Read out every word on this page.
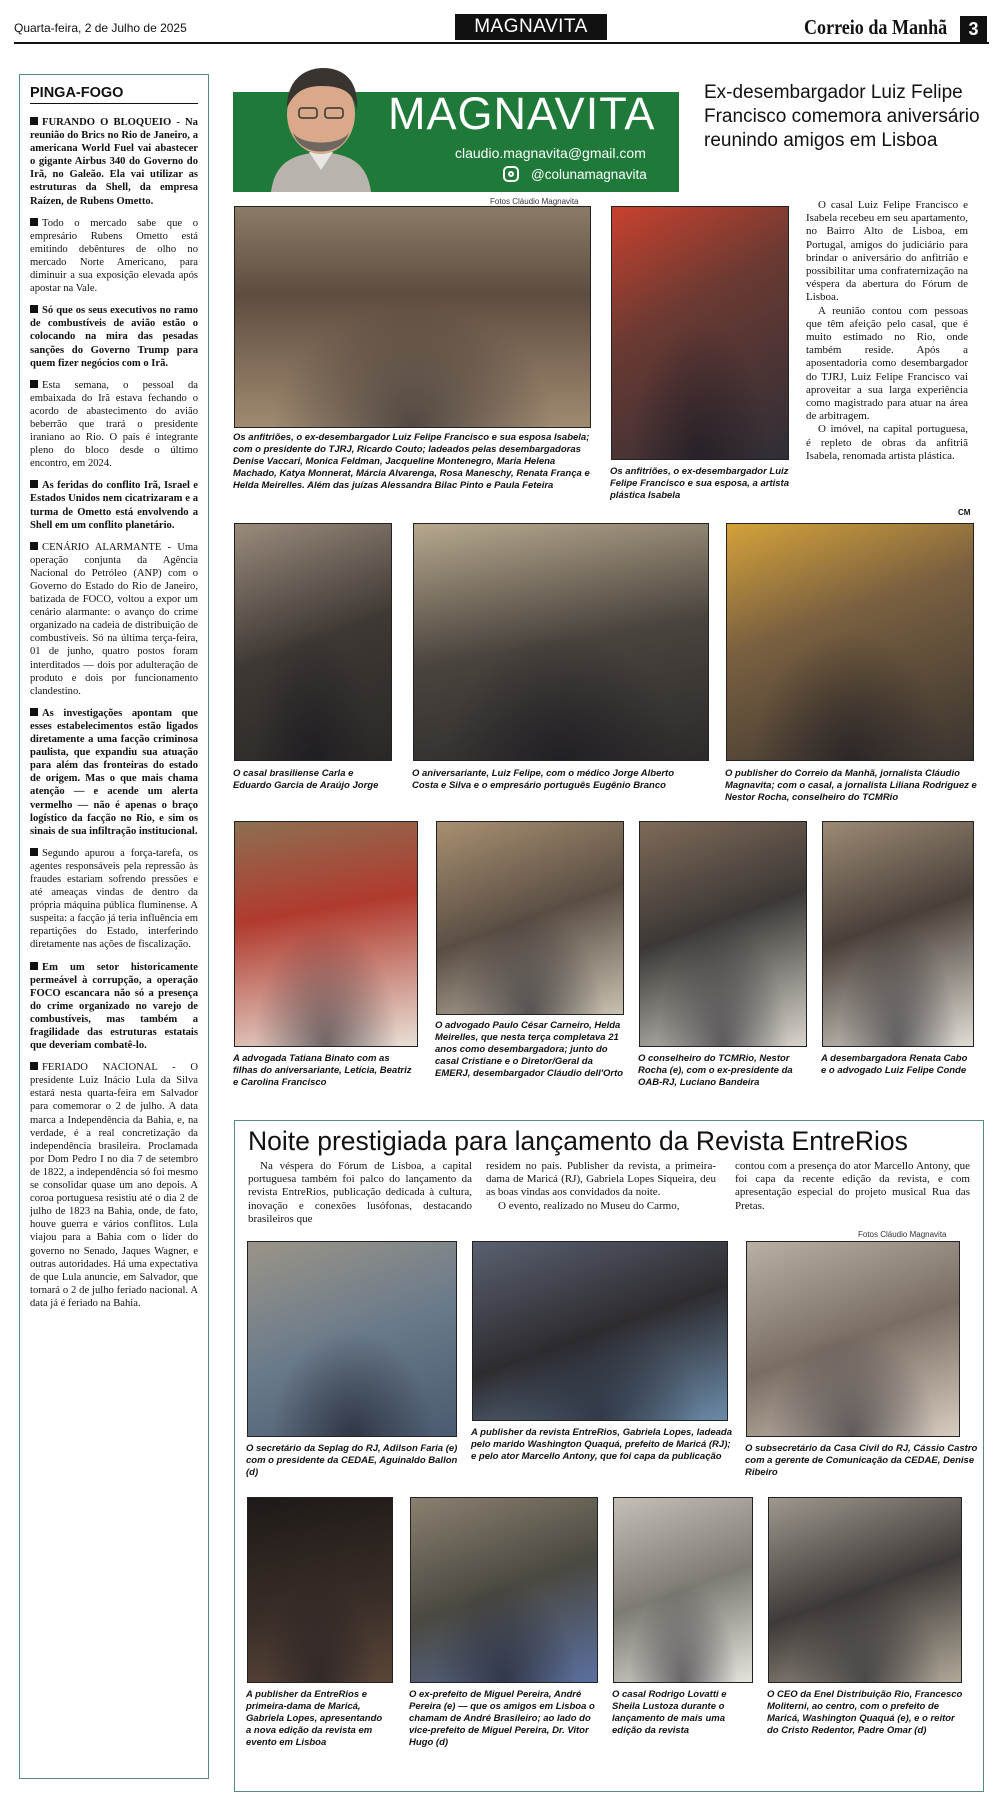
Quarta-feira, 2 de Julho de 2025	MAGNAVITA	Correio da Manhã	3
PINGA-FOGO

FURANDO O BLOQUEIO - Na reunião do Brics no Rio de Janeiro, a americana World Fuel vai abastecer o gigante Airbus 340 do Governo do Irã, no Galeão. Ela vai utilizar as estruturas da Shell, da empresa Raízen, de Rubens Ometto.

Todo o mercado sabe que o empresário Rubens Ometto está emitindo debêntures de olho no mercado Norte Americano, para diminuir a sua exposição elevada após apostar na Vale.

Só que os seus executivos no ramo de combustíveis de avião estão o colocando na mira das pesadas sanções do Governo Trump para quem fizer negócios com o Irã.

Esta semana, o pessoal da embaixada do Irã estava fechando o acordo de abastecimento do avião beberrão que trará o presidente iraniano ao Rio. O país é integrante pleno do bloco desde o último encontro, em 2024.

As feridas do conflito Irã, Israel e Estados Unidos nem cicatrizaram e a turma de Ometto está envolvendo a Shell em um conflito planetário.

CENÁRIO ALARMANTE - Uma operação conjunta da Agência Nacional do Petróleo (ANP) com o Governo do Estado do Rio de Janeiro, batizada de FOCO, voltou a expor um cenário alarmante: o avanço do crime organizado na cadeia de distribuição de combustíveis. Só na última terça-feira, 01 de junho, quatro postos foram interditados — dois por adulteração de produto e dois por funcionamento clandestino.

As investigações apontam que esses estabelecimentos estão ligados diretamente a uma facção criminosa paulista, que expandiu sua atuação para além das fronteiras do estado de origem. Mas o que mais chama atenção — e acende um alerta vermelho — não é apenas o braço logístico da facção no Rio, e sim os sinais de sua infiltração institucional.

Segundo apurou a força-tarefa, os agentes responsáveis pela repressão às fraudes estariam sofrendo pressões e até ameaças vindas de dentro da própria máquina pública fluminense. A suspeita: a facção já teria influência em repartições do Estado, interferindo diretamente nas ações de fiscalização.

Em um setor historicamente permeável à corrupção, a operação FOCO escancara não só a presença do crime organizado no varejo de combustíveis, mas também a fragilidade das estruturas estatais que deveriam combatê-lo.

FERIADO NACIONAL - O presidente Luiz Inácio Lula da Silva estará nesta quarta-feira em Salvador para comemorar o 2 de julho. A data marca a Independência da Bahia, e, na verdade, é a real concretização da independência brasileira. Proclamada por Dom Pedro I no dia 7 de setembro de 1822, a independência só foi mesmo se consolidar quase um ano depois. A coroa portuguesa resistiu até o dia 2 de julho de 1823 na Bahia, onde, de fato, houve guerra e vários conflitos. Lula viajou para a Bahia com o líder do governo no Senado, Jaques Wagner, e outras autoridades. Há uma expectativa de que Lula anuncie, em Salvador, que tornará o 2 de julho feriado nacional. A data já é feriado na Bahia.

MAGNAVITA
claudio.magnavita@gmail.com
@colunamagnavita
Ex-desembargador Luiz Felipe Francisco comemora aniversário reunindo amigos em Lisboa
Fotos Cláudio Magnavita
Os anfitriões, o ex-desembargador Luiz Felipe Francisco e sua esposa Isabela; com o presidente do TJRJ, Ricardo Couto; ladeados pelas desembargadoras Denise Vaccari, Monica Feldman, Jacqueline Montenegro, Maria Helena Machado, Katya Monnerat, Márcia Alvarenga, Rosa Maneschy, Renata França e Helda Meirelles. Além das juízas Alessandra Bilac Pinto e Paula Feteira
Os anfitriões, o ex-desembargador Luiz Felipe Francisco e sua esposa, a artista plástica Isabela

O casal Luiz Felipe Francisco e Isabela recebeu em seu apartamento, no Bairro Alto de Lisboa, em Portugal, amigos do judiciário para brindar o aniversário do anfitrião e possibilitar uma confraternização na véspera da abertura do Fórum de Lisboa.

A reunião contou com pessoas que têm afeição pelo casal, que é muito estimado no Rio, onde também reside. Após a aposentadoria como desembargador do TJRJ, Luiz Felipe Francisco vai aproveitar a sua larga experiência como magistrado para atuar na área de arbitragem.

O imóvel, na capital portuguesa, é repleto de obras da anfitriã Isabela, renomada artista plástica.

CM
O casal brasiliense Carla e Eduardo Garcia de Araújo Jorge
O aniversariante, Luiz Felipe, com o médico Jorge Alberto Costa e Silva e o empresário português Eugênio Branco
O publisher do Correio da Manhã, jornalista Cláudio Magnavita; com o casal, a jornalista Liliana Rodriguez e Nestor Rocha, conselheiro do TCMRio
A advogada Tatiana Binato com as filhas do aniversariante, Letícia, Beatriz e Carolina Francisco
O advogado Paulo César Carneiro, Helda Meirelles, que nesta terça completava 21 anos como desembargadora; junto do casal Cristiane e o Diretor/Geral da EMERJ, desembargador Cláudio dell'Orto
O conselheiro do TCMRio, Nestor Rocha (e), com o ex-presidente da OAB-RJ, Luciano Bandeira
A desembargadora Renata Cabo e o advogado Luiz Felipe Conde
Noite prestigiada para lançamento da Revista EntreRios
Na véspera do Fórum de Lisboa, a capital portuguesa também foi palco do lançamento da revista EntreRios, publicação dedicada à cultura, inovação e conexões lusófonas, destacando brasileiros que

residem no país. Publisher da revista, a primeira-dama de Maricá (RJ), Gabriela Lopes Siqueira, deu as boas vindas aos convidados da noite.

O evento, realizado no Museu do Carmo,

contou com a presença do ator Marcello Antony, que foi capa da recente edição da revista, e com apresentação especial do projeto musical Rua das Pretas.
Fotos Cláudio Magnavita
O secretário da Seplag do RJ, Adilson Faria (e) com o presidente da CEDAE, Aguinaldo Ballon (d)
A publisher da revista EntreRios, Gabriela Lopes, ladeada pelo marido Washington Quaquá, prefeito de Maricá (RJ); e pelo ator Marcello Antony, que foi capa da publicação
O subsecretário da Casa Civil do RJ, Cássio Castro com a gerente de Comunicação da CEDAE, Denise Ribeiro
A publisher da EntreRios e primeira-dama de Maricá, Gabriela Lopes, apresentando a nova edição da revista em evento em Lisboa
O ex-prefeito de Miguel Pereira, André Pereira (e) — que os amigos em Lisboa o chamam de André Brasileiro; ao lado do vice-prefeito de Miguel Pereira, Dr. Vitor Hugo (d)
O casal Rodrigo Lovatti e Sheila Lustoza durante o lançamento de mais uma edição da revista
O CEO da Enel Distribuição Rio, Francesco Moliterni, ao centro, com o prefeito de Maricá, Washington Quaquá (e), e o reitor do Cristo Redentor, Padre Omar (d)
